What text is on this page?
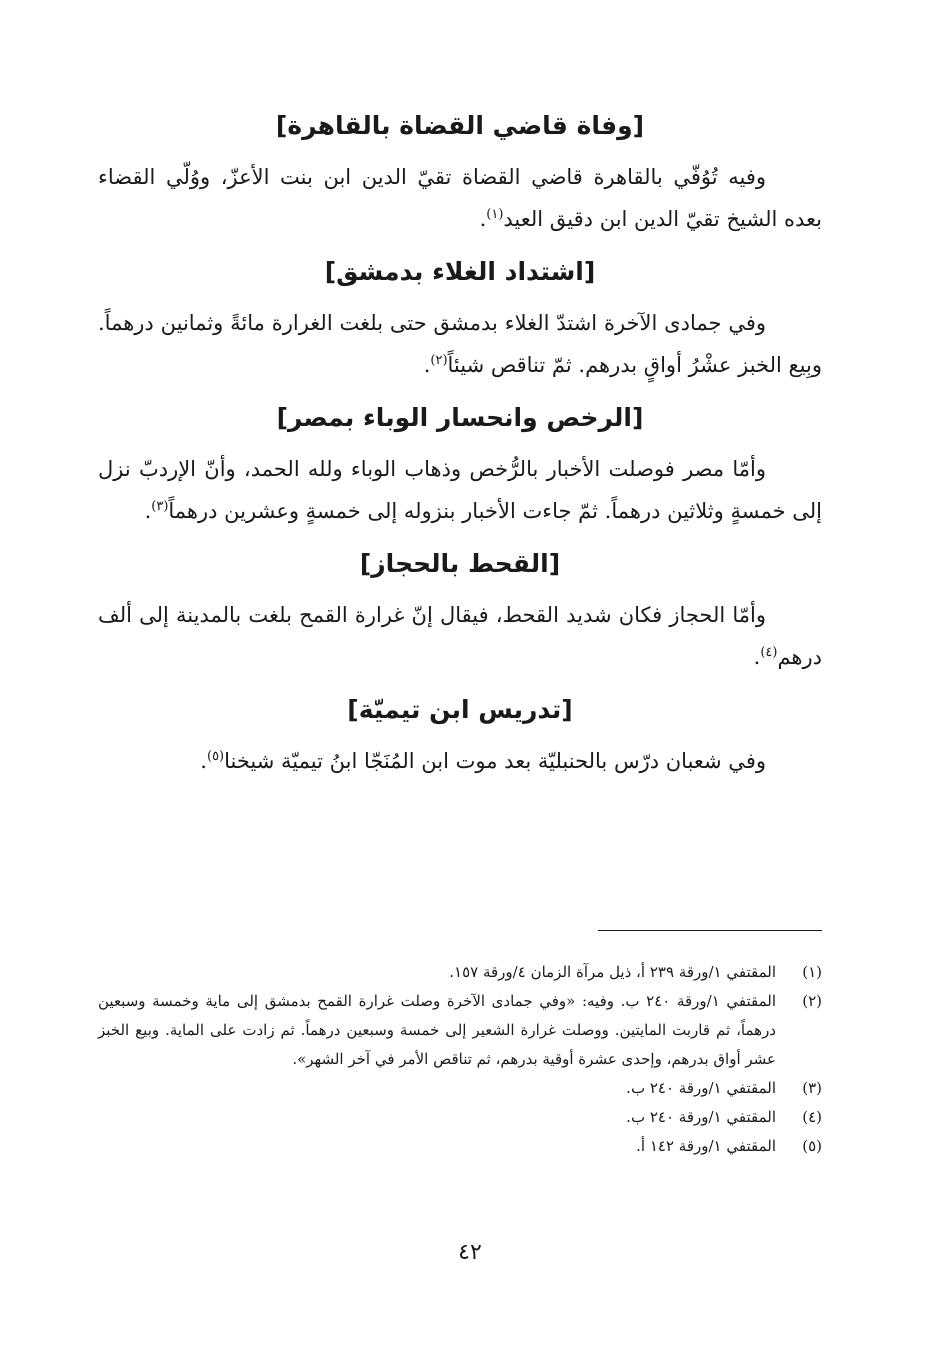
[وفاة قاضي القضاة بالقاهرة]

وفيه تُوُفّي بالقاهرة قاضي القضاة تقيّ الدين ابن بنت الأعزّ، ووُلّي القضاء بعده الشيخ تقيّ الدين ابن دقيق العيد$^{(١)}$.

[اشتداد الغلاء بدمشق]

وفي جمادى الآخرة اشتدّ الغلاء بدمشق حتى بلغت الغرارة مائةً وثمانين درهماً. وبِيع الخبز عشْرُ أواقٍ بدرهم. ثمّ تناقص شيئاً$^{(٢)}$.

[الرخص وانحسار الوباء بمصر]

وأمّا مصر فوصلت الأخبار بالرُّخص وذهاب الوباء ولله الحمد، وأنّ الإردبّ نزل إلى خمسةٍ وثلاثين درهماً. ثمّ جاءت الأخبار بنزوله إلى خمسةٍ وعشرين درهماً$^{(٣)}$.

[القحط بالحجاز]

وأمّا الحجاز فكان شديد القحط، فيقال إنّ غرارة القمح بلغت بالمدينة إلى ألف درهم$^{(٤)}$.

[تدريس ابن تيميّة]

وفي شعبان درّس بالحنبليّة بعد موت ابن المُنَجّا ابنُ تيميّة شيخنا$^{(٥)}$.

(١)
المقتفي ١/ورقة ٢٣٩ أ، ذيل مرآة الزمان ٤/ورقة ١٥٧.
(٢)
المقتفي ١/ورقة ٢٤٠ ب. وفيه: «وفي جمادى الآخرة وصلت غرارة القمح بدمشق إلى ماية وخمسة وسبعين درهماً، ثم قاربت المايتين. ووصلت غرارة الشعير إلى خمسة وسبعين درهماً. ثم زادت على الماية. وبيع الخبز عشر أواق بدرهم، وإحدى عشرة أوقية بدرهم، ثم تناقص الأمر في آخر الشهر».
(٣)
المقتفي ١/ورقة ٢٤٠ ب.
(٤)
المقتفي ١/ورقة ٢٤٠ ب.
(٥)
المقتفي ١/ورقة ١٤٢ أ.
٤٢
